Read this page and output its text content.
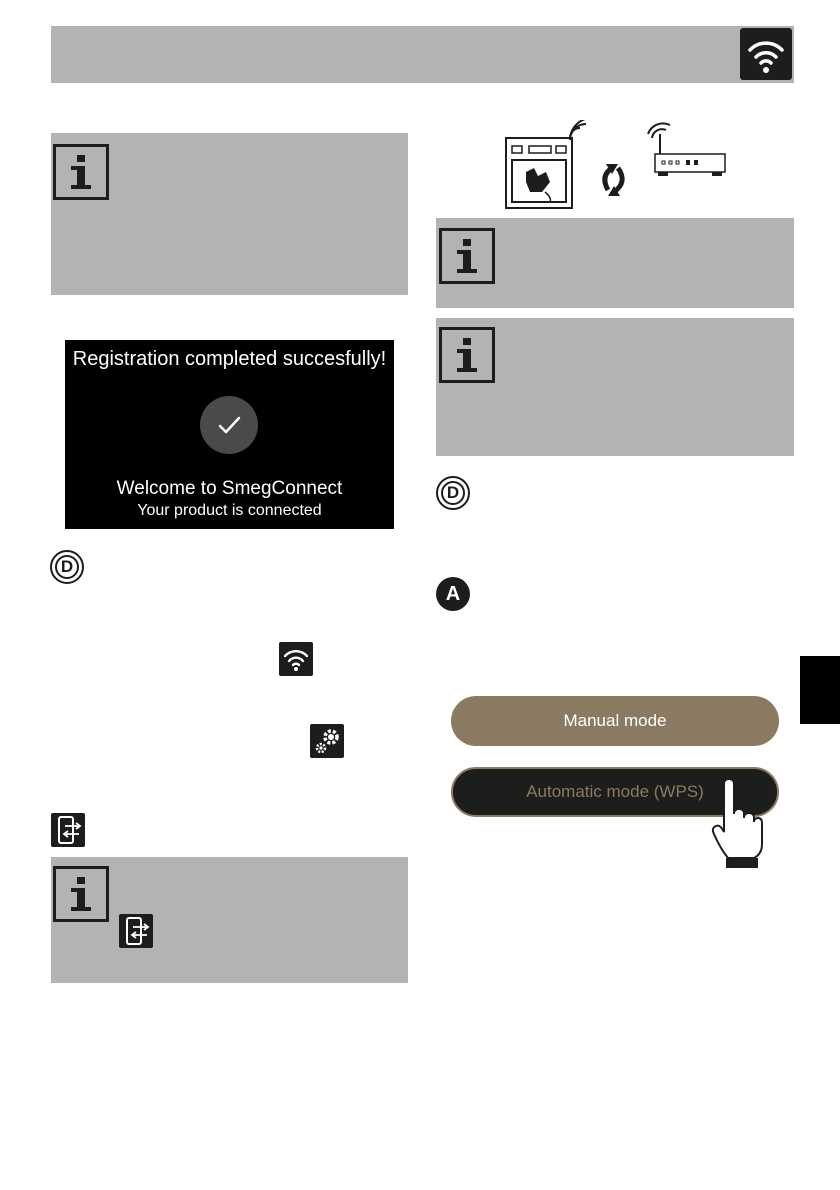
Registration completed succesfully!
Welcome to SmegConnect
Your product is connected
D
D
A
Manual mode
Automatic mode (WPS)
